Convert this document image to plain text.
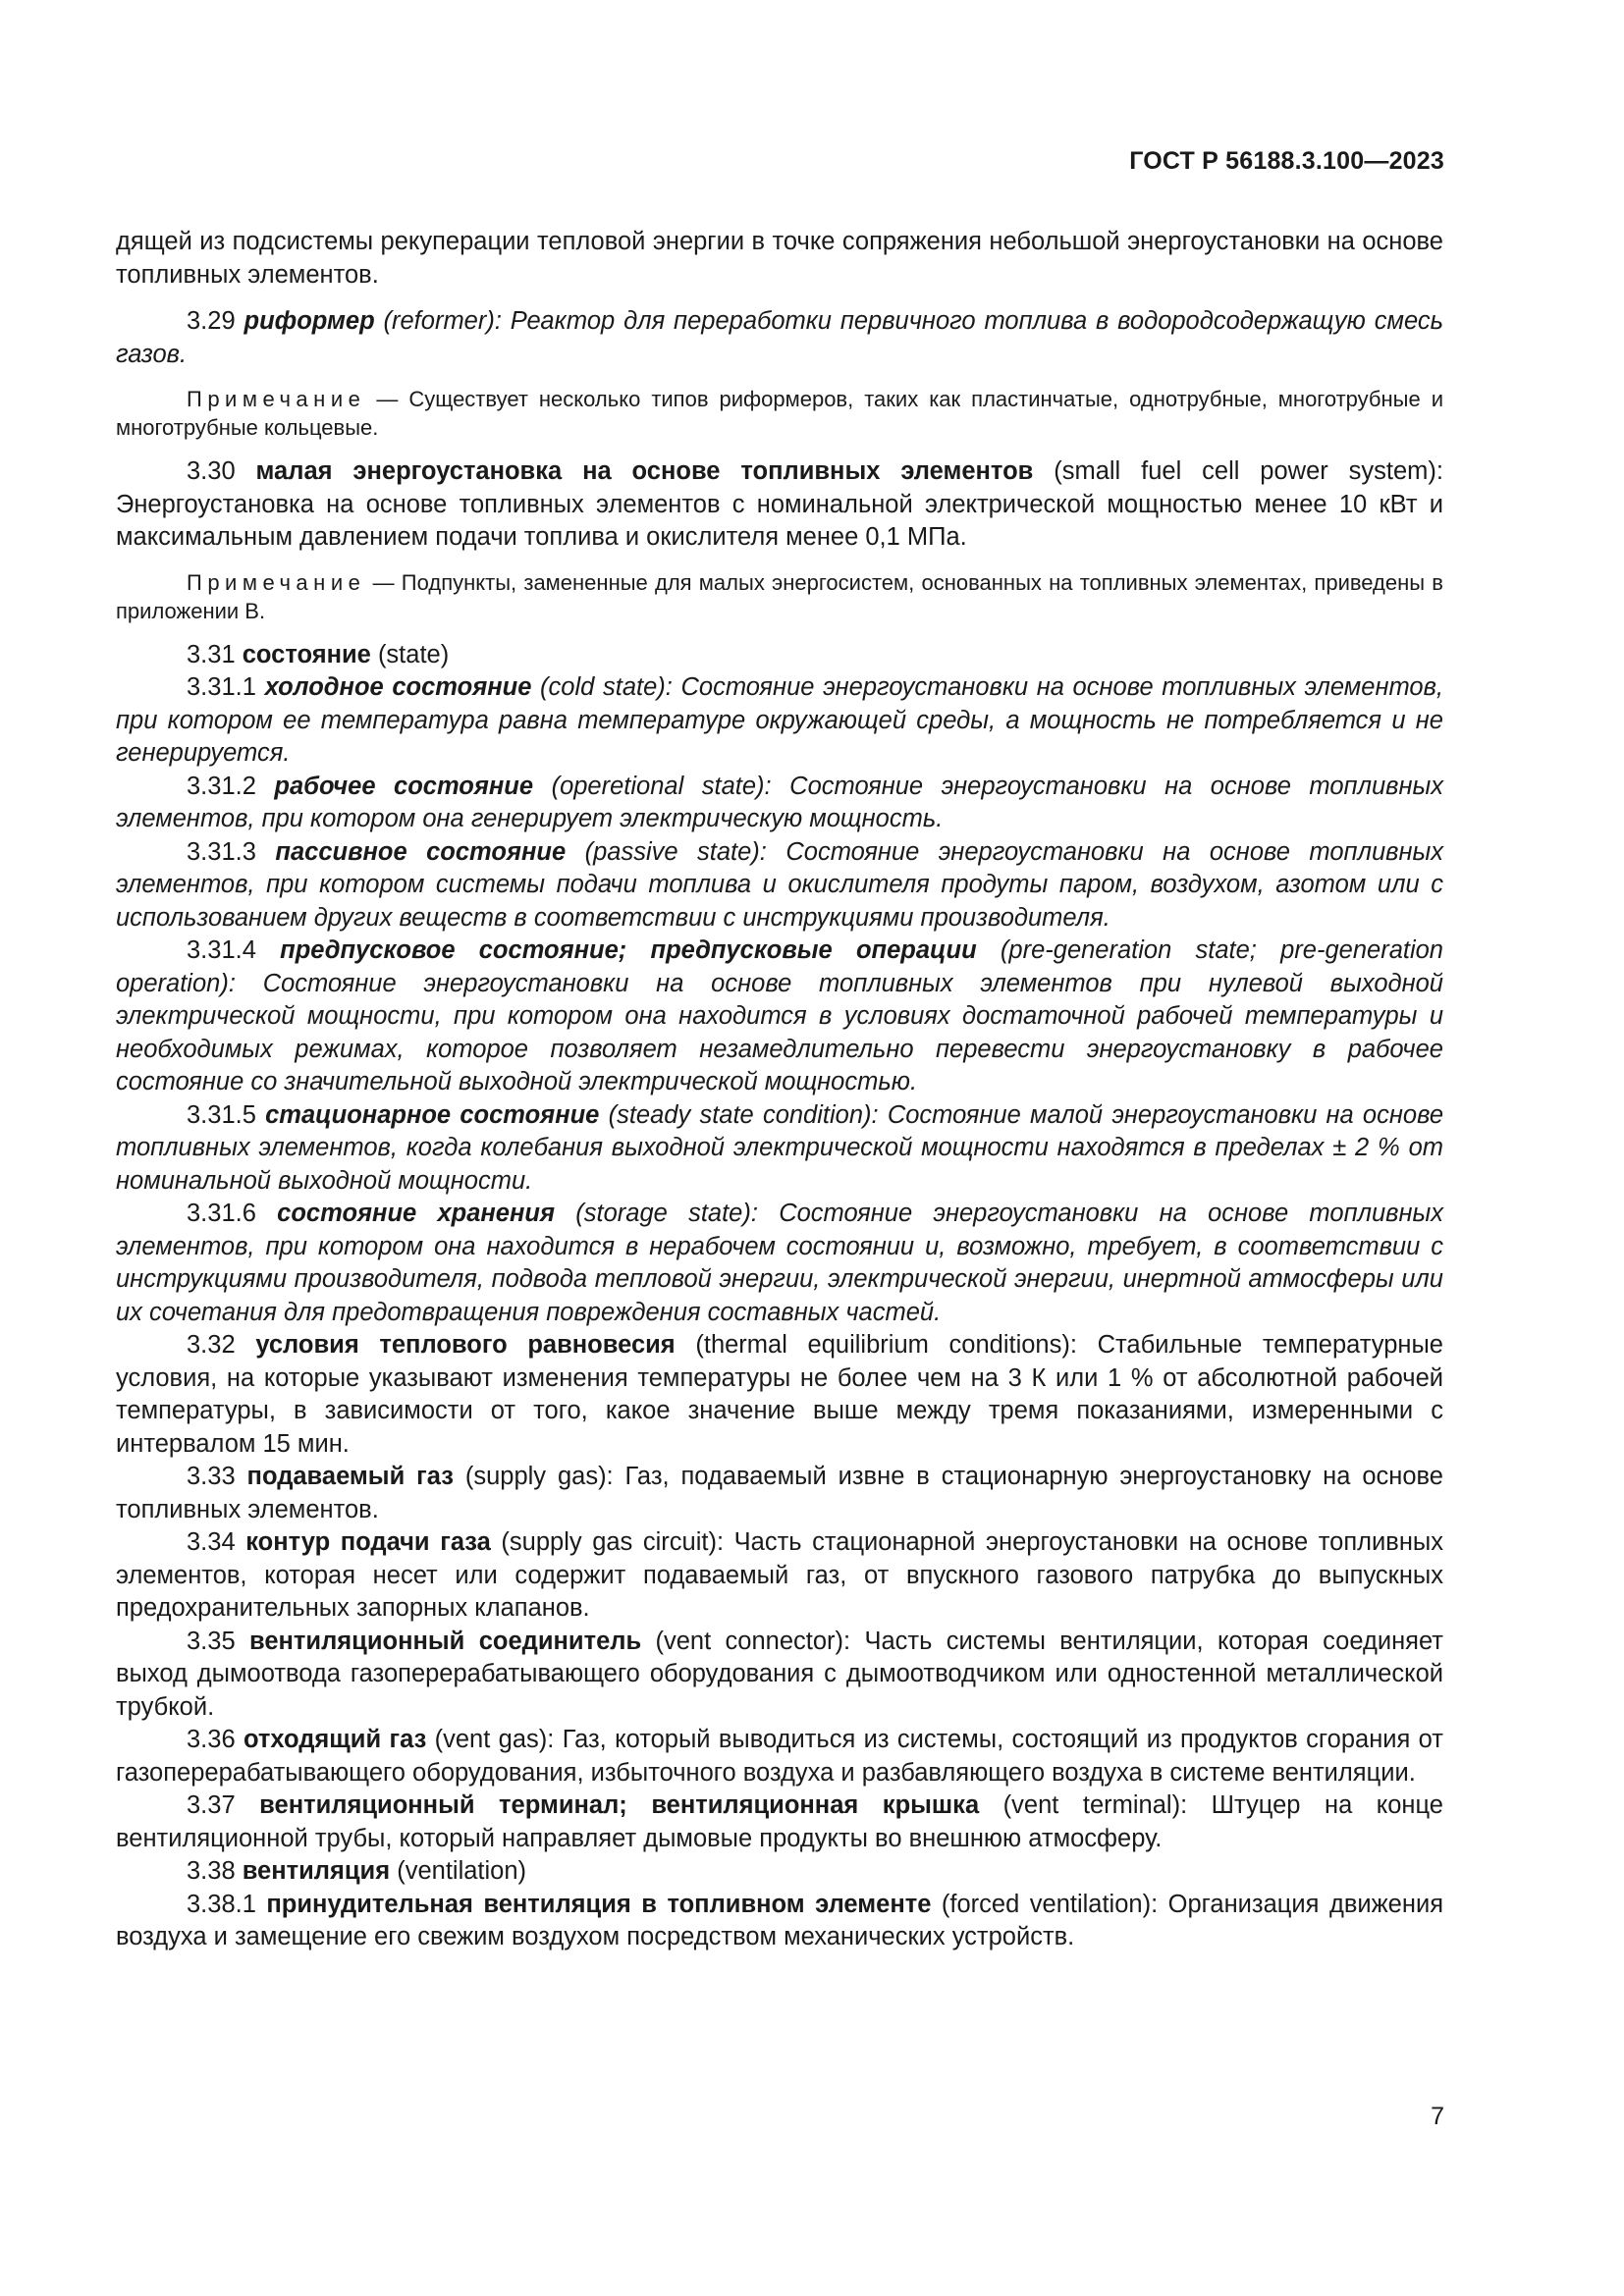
ГОСТ Р 56188.3.100—2023

дящей из подсистемы рекуперации тепловой энергии в точке сопряжения небольшой энергоустановки на основе топливных элементов.

3.29 риформер (reformer): Реактор для переработки первичного топлива в водородсодержащую смесь газов.

Примечание — Существует несколько типов риформеров, таких как пластинчатые, однотрубные, многотрубные и многотрубные кольцевые.

3.30 малая энергоустановка на основе топливных элементов (small fuel cell power system): Энергоустановка на основе топливных элементов с номинальной электрической мощностью менее 10 кВт и максимальным давлением подачи топлива и окислителя менее 0,1 МПа.

Примечание — Подпункты, замененные для малых энергосистем, основанных на топливных элементах, приведены в приложении В.

3.31 состояние (state)

3.31.1 холодное состояние (cold state): Состояние энергоустановки на основе топливных элементов, при котором ее температура равна температуре окружающей среды, а мощность не потребляется и не генерируется.

3.31.2 рабочее состояние (operetional state): Состояние энергоустановки на основе топливных элементов, при котором она генерирует электрическую мощность.

3.31.3 пассивное состояние (passive state): Состояние энергоустановки на основе топливных элементов, при котором системы подачи топлива и окислителя продуты паром, воздухом, азотом или с использованием других веществ в соответствии с инструкциями производителя.

3.31.4 предпусковое состояние; предпусковые операции (pre-generation state; pre-generation operation): Состояние энергоустановки на основе топливных элементов при нулевой выходной электрической мощности, при котором она находится в условиях достаточной рабочей температуры и необходимых режимах, которое позволяет незамедлительно перевести энергоустановку в рабочее состояние со значительной выходной электрической мощностью.

3.31.5 стационарное состояние (steady state condition): Состояние малой энергоустановки на основе топливных элементов, когда колебания выходной электрической мощности находятся в пределах ± 2 % от номинальной выходной мощности.

3.31.6 состояние хранения (storage state): Состояние энергоустановки на основе топливных элементов, при котором она находится в нерабочем состоянии и, возможно, требует, в соответствии с инструкциями производителя, подвода тепловой энергии, электрической энергии, инертной атмосферы или их сочетания для предотвращения повреждения составных частей.

3.32 условия теплового равновесия (thermal equilibrium conditions): Стабильные температурные условия, на которые указывают изменения температуры не более чем на 3 К или 1 % от абсолютной рабочей температуры, в зависимости от того, какое значение выше между тремя показаниями, измеренными с интервалом 15 мин.

3.33 подаваемый газ (supply gas): Газ, подаваемый извне в стационарную энергоустановку на основе топливных элементов.

3.34 контур подачи газа (supply gas circuit): Часть стационарной энергоустановки на основе топливных элементов, которая несет или содержит подаваемый газ, от впускного газового патрубка до выпускных предохранительных запорных клапанов.

3.35 вентиляционный соединитель (vent connector): Часть системы вентиляции, которая соединяет выход дымоотвода газоперерабатывающего оборудования с дымоотводчиком или одностенной металлической трубкой.

3.36 отходящий газ (vent gas): Газ, который выводиться из системы, состоящий из продуктов сгорания от газоперерабатывающего оборудования, избыточного воздуха и разбавляющего воздуха в системе вентиляции.

3.37 вентиляционный терминал; вентиляционная крышка (vent terminal): Штуцер на конце вентиляционной трубы, который направляет дымовые продукты во внешнюю атмосферу.

3.38 вентиляция (ventilation)

3.38.1 принудительная вентиляция в топливном элементе (forced ventilation): Организация движения воздуха и замещение его свежим воздухом посредством механических устройств.

7
